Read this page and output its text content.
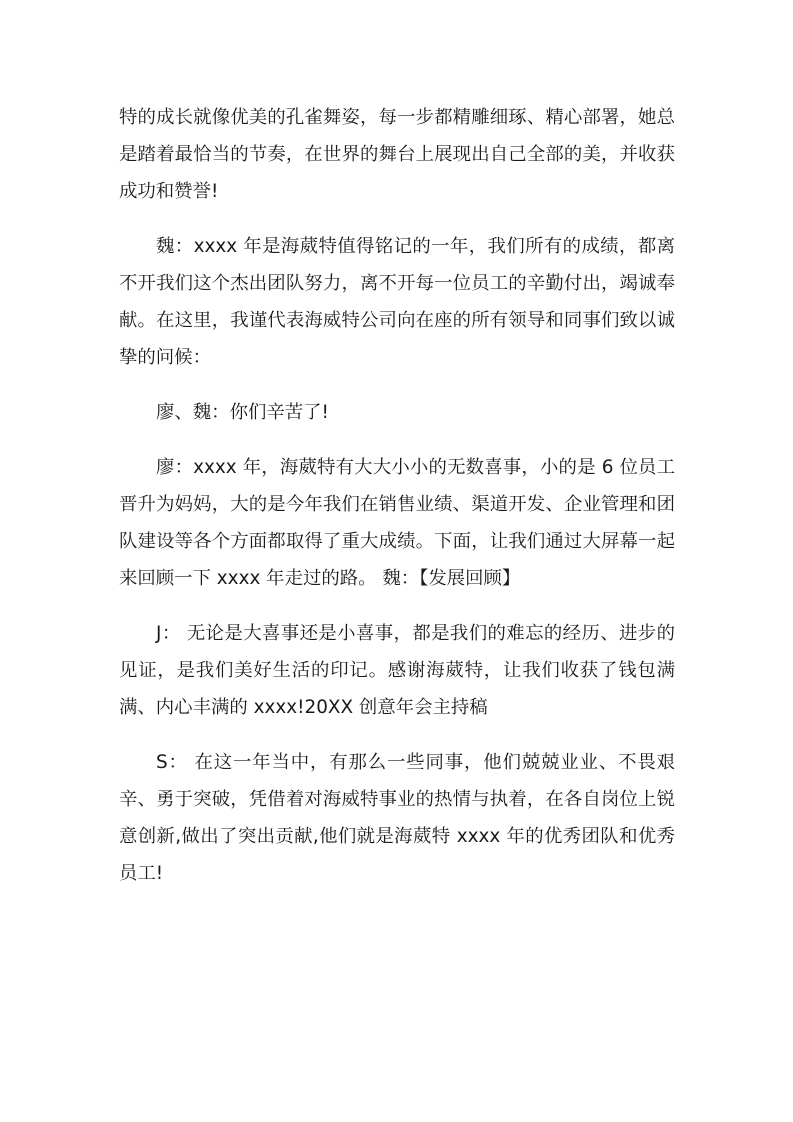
特的成长就像优美的孔雀舞姿，每一步都精雕细琢、精心部署，她总是踏着最恰当的节奏，在世界的舞台上展现出自己全部的美，并收获成功和赞誉!

魏：xxxx 年是海葳特值得铭记的一年，我们所有的成绩，都离不开我们这个杰出团队努力，离不开每一位员工的辛勤付出，竭诚奉献。在这里，我谨代表海威特公司向在座的所有领导和同事们致以诚挚的问候：

廖、魏：你们辛苦了!

廖：xxxx 年，海葳特有大大小小的无数喜事，小的是 6 位员工晋升为妈妈，大的是今年我们在销售业绩、渠道开发、企业管理和团队建设等各个方面都取得了重大成绩。下面，让我们通过大屏幕一起来回顾一下 xxxx 年走过的路。 魏：【发展回顾】

J： 无论是大喜事还是小喜事，都是我们的难忘的经历、进步的见证，是我们美好生活的印记。感谢海葳特，让我们收获了钱包满满、内心丰满的 xxxx!20XX 创意年会主持稿

S： 在这一年当中，有那么一些同事，他们兢兢业业、不畏艰辛、勇于突破，凭借着对海威特事业的热情与执着，在各自岗位上锐意创新,做出了突出贡献,他们就是海葳特 xxxx 年的优秀团队和优秀员工!
